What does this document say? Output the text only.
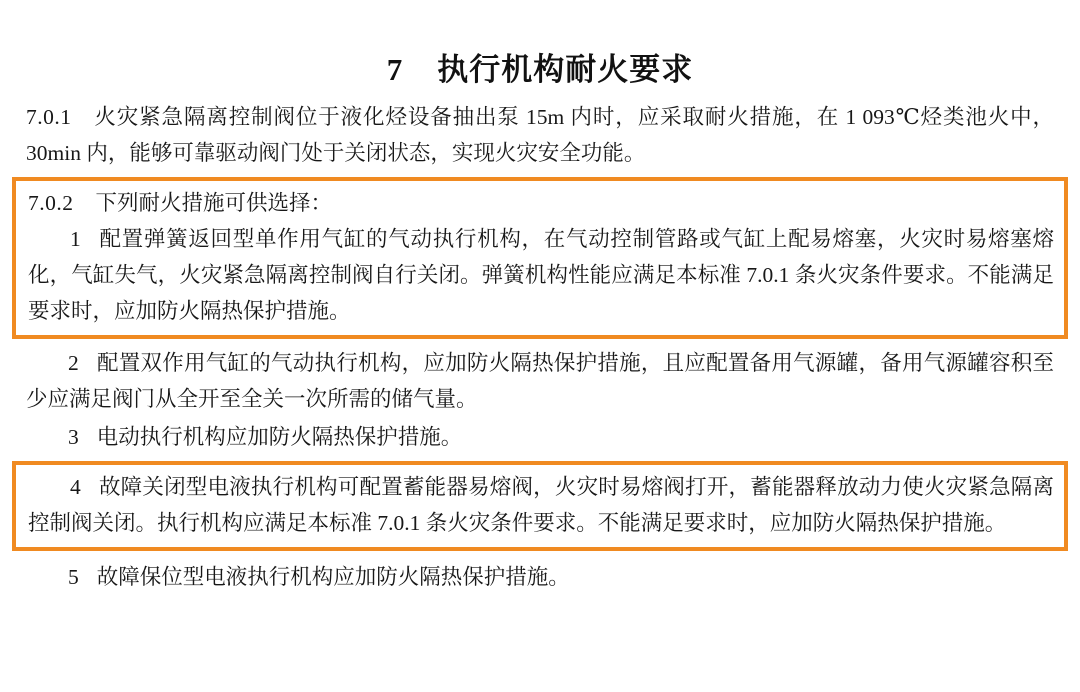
7 执行机构耐火要求

7.0.1 火灾紧急隔离控制阀位于液化烃设备抽出泵 15m 内时，应采取耐火措施，在 1 093℃烃类池火中，30min 内，能够可靠驱动阀门处于关闭状态，实现火灾安全功能。

7.0.2 下列耐火措施可供选择：

1 配置弹簧返回型单作用气缸的气动执行机构，在气动控制管路或气缸上配易熔塞，火灾时易熔塞熔化，气缸失气，火灾紧急隔离控制阀自行关闭。弹簧机构性能应满足本标准 7.0.1 条火灾条件要求。不能满足要求时，应加防火隔热保护措施。

2 配置双作用气缸的气动执行机构，应加防火隔热保护措施，且应配置备用气源罐，备用气源罐容积至少应满足阀门从全开至全关一次所需的储气量。

3 电动执行机构应加防火隔热保护措施。

4 故障关闭型电液执行机构可配置蓄能器易熔阀，火灾时易熔阀打开，蓄能器释放动力使火灾紧急隔离控制阀关闭。执行机构应满足本标准 7.0.1 条火灾条件要求。不能满足要求时，应加防火隔热保护措施。

5 故障保位型电液执行机构应加防火隔热保护措施。
